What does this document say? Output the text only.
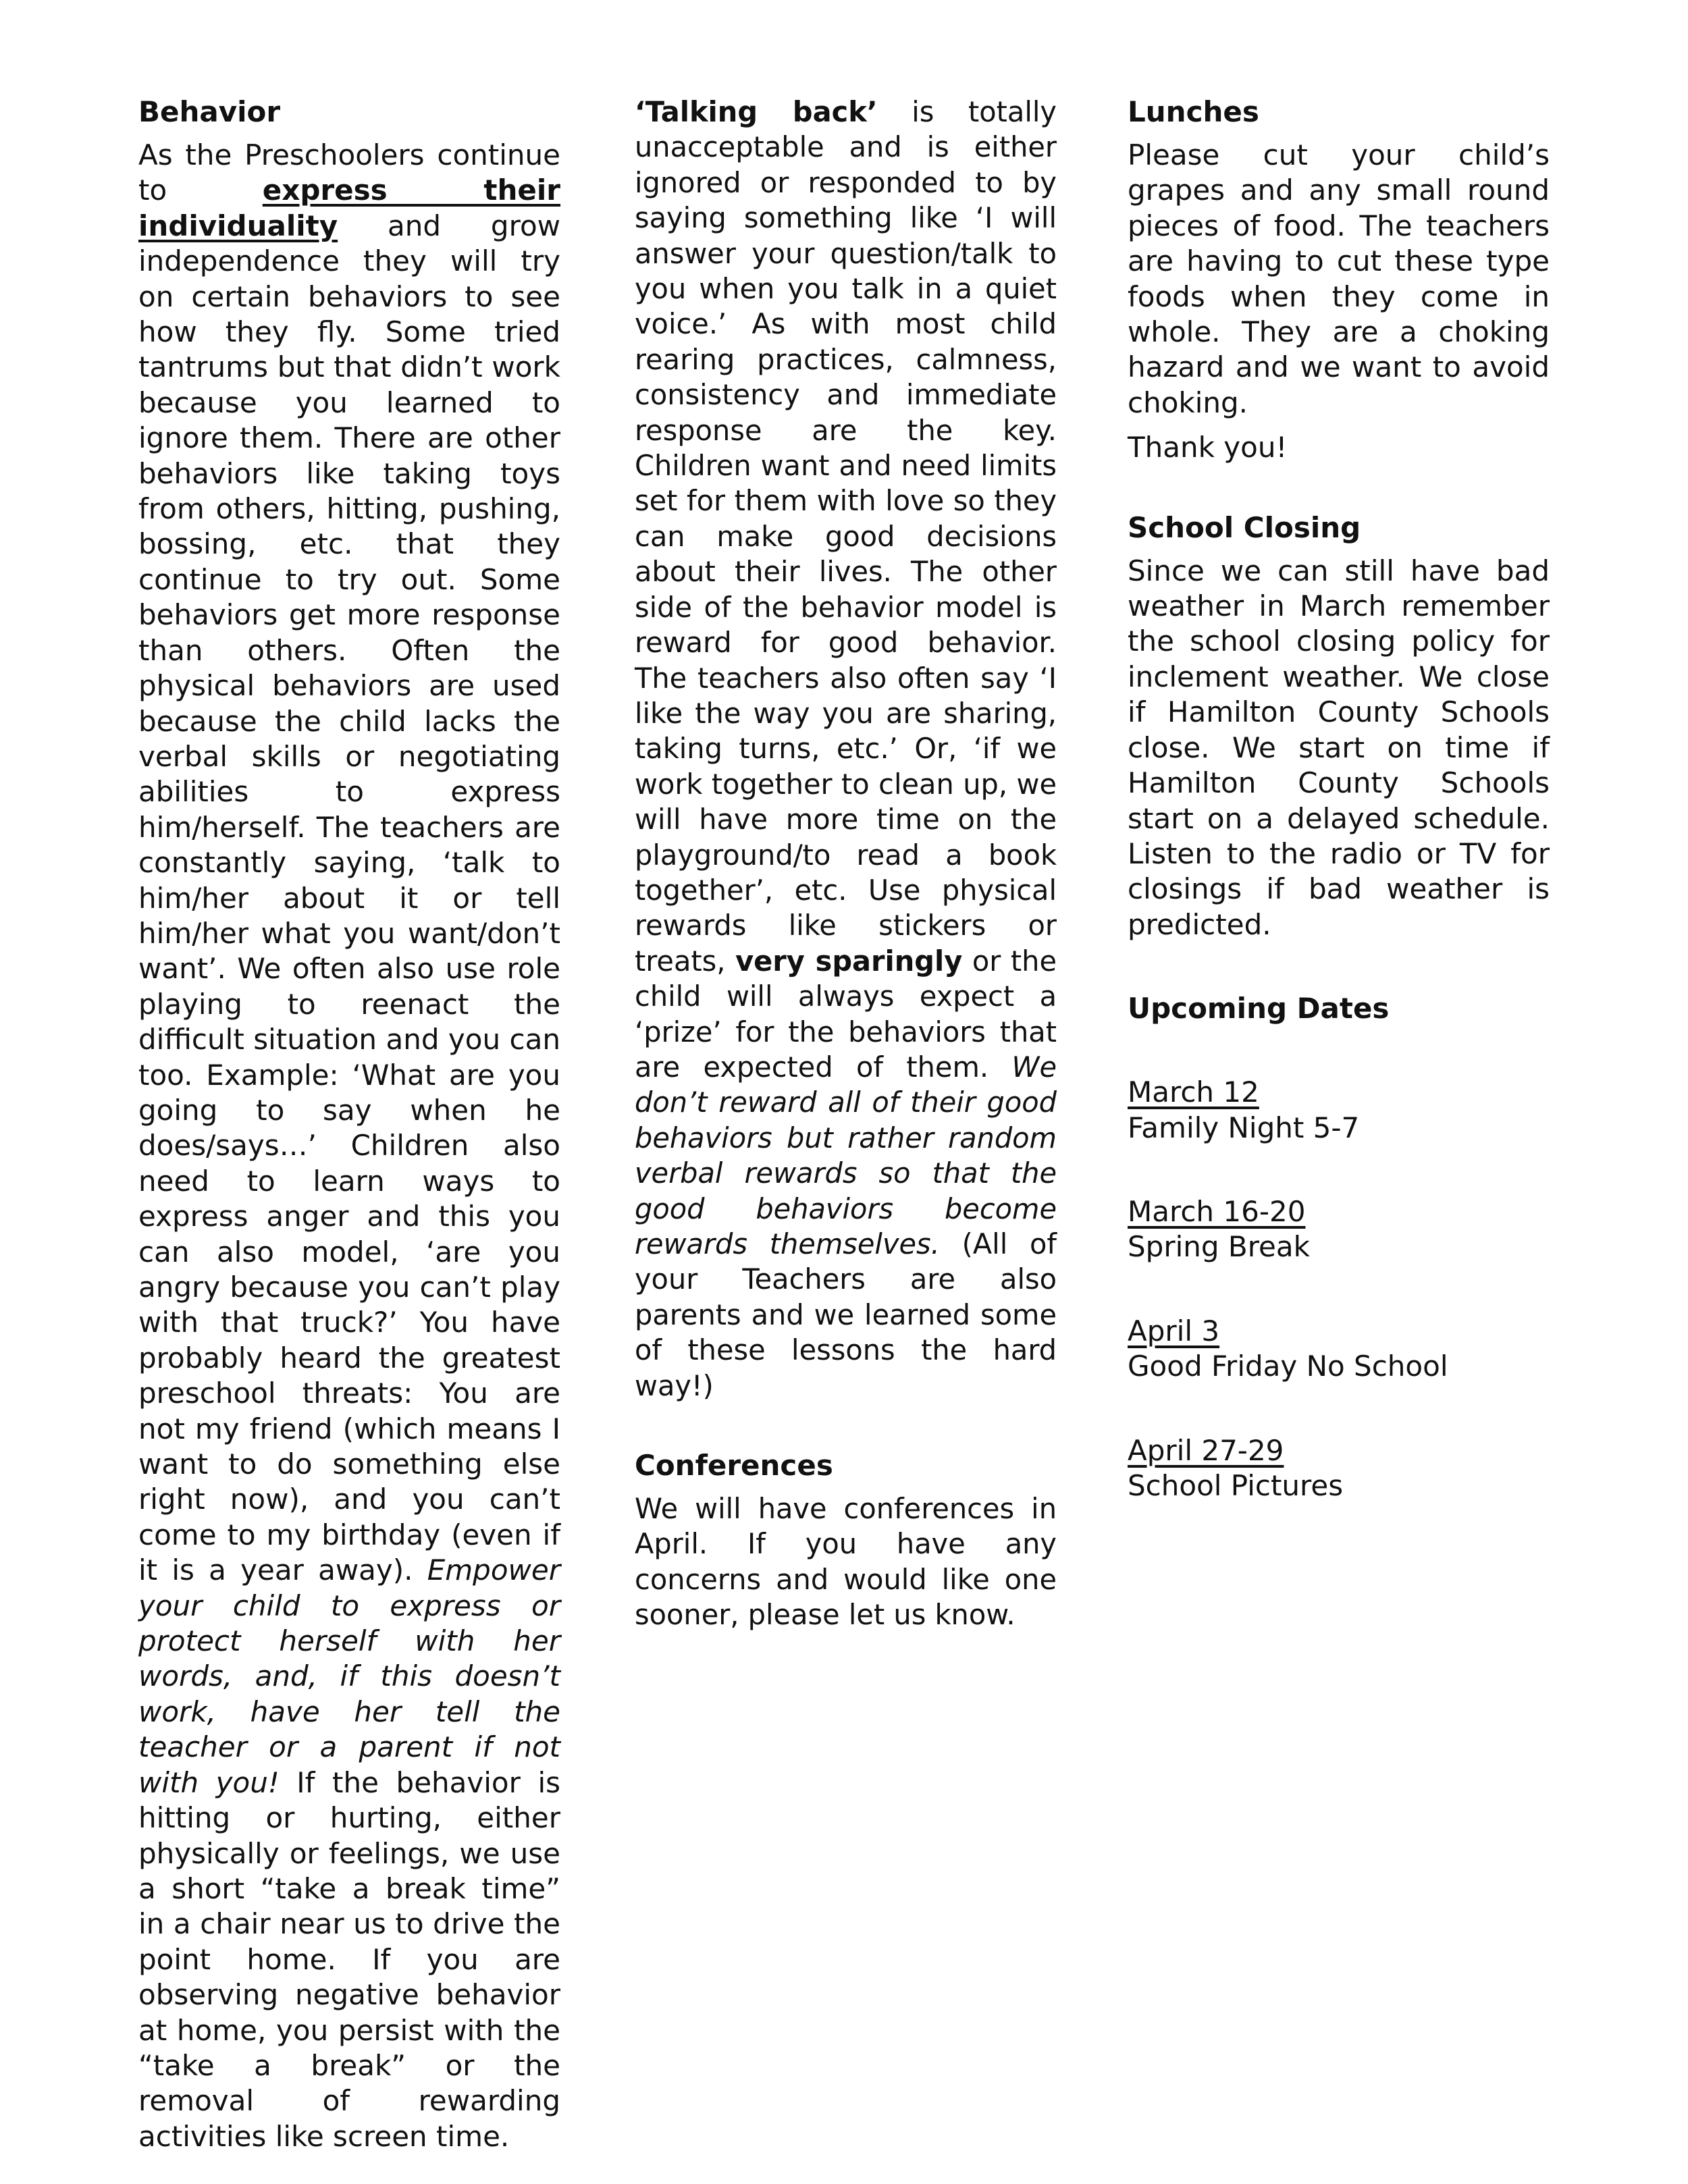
Behavior

As the Preschoolers continue to express their individuality and grow independence they will try on certain behaviors to see how they fly. Some tried tantrums but that didn’t work because you learned to ignore them. There are other behaviors like taking toys from others, hitting, pushing, bossing, etc. that they continue to try out. Some behaviors get more response than others. Often the physical behaviors are used because the child lacks the verbal skills or negotiating abilities to express him/herself. The teachers are constantly saying, ‘talk to him/her about it or tell him/her what you want/don’t want’. We often also use role playing to reenact the difficult situation and you can too. Example: ‘What are you going to say when he does/says…’ Children also need to learn ways to express anger and this you can also model, ‘are you angry because you can’t play with that truck?’ You have probably heard the greatest preschool threats: You are not my friend (which means I want to do something else right now), and you can’t come to my birthday (even if it is a year away). Empower your child to express or protect herself with her words, and, if this doesn’t work, have her tell the teacher or a parent if not with you! If the behavior is hitting or hurting, either physically or feelings, we use a short “take a break time” in a chair near us to drive the point home. If you are observing negative behavior at home, you persist with the “take a break” or the removal of rewarding activities like screen time.

‘Talking back’ is totally unacceptable and is either ignored or responded to by saying something like ‘I will answer your question/talk to you when you talk in a quiet voice.’ As with most child rearing practices, calmness, consistency and immediate response are the key. Children want and need limits set for them with love so they can make good decisions about their lives. The other side of the behavior model is reward for good behavior. The teachers also often say ‘I like the way you are sharing, taking turns, etc.’ Or, ‘if we work together to clean up, we will have more time on the playground/to read a book together’, etc. Use physical rewards like stickers or treats, very sparingly or the child will always expect a ‘prize’ for the behaviors that are expected of them. We don’t reward all of their good behaviors but rather random verbal rewards so that the good behaviors become rewards themselves. (All of your Teachers are also parents and we learned some of these lessons the hard way!)

Conferences

We will have conferences in April. If you have any concerns and would like one sooner, please let us know.

Lunches

Please cut your child’s grapes and any small round pieces of food. The teachers are having to cut these type foods when they come in whole. They are a choking hazard and we want to avoid choking.

Thank you!

School Closing

Since we can still have bad weather in March remember the school closing policy for inclement weather. We close if Hamilton County Schools close. We start on time if Hamilton County Schools start on a delayed schedule. Listen to the radio or TV for closings if bad weather is predicted.

Upcoming Dates

March 12

Family Night 5-7

March 16-20

Spring Break

April 3

Good Friday No School

April 27-29

School Pictures
